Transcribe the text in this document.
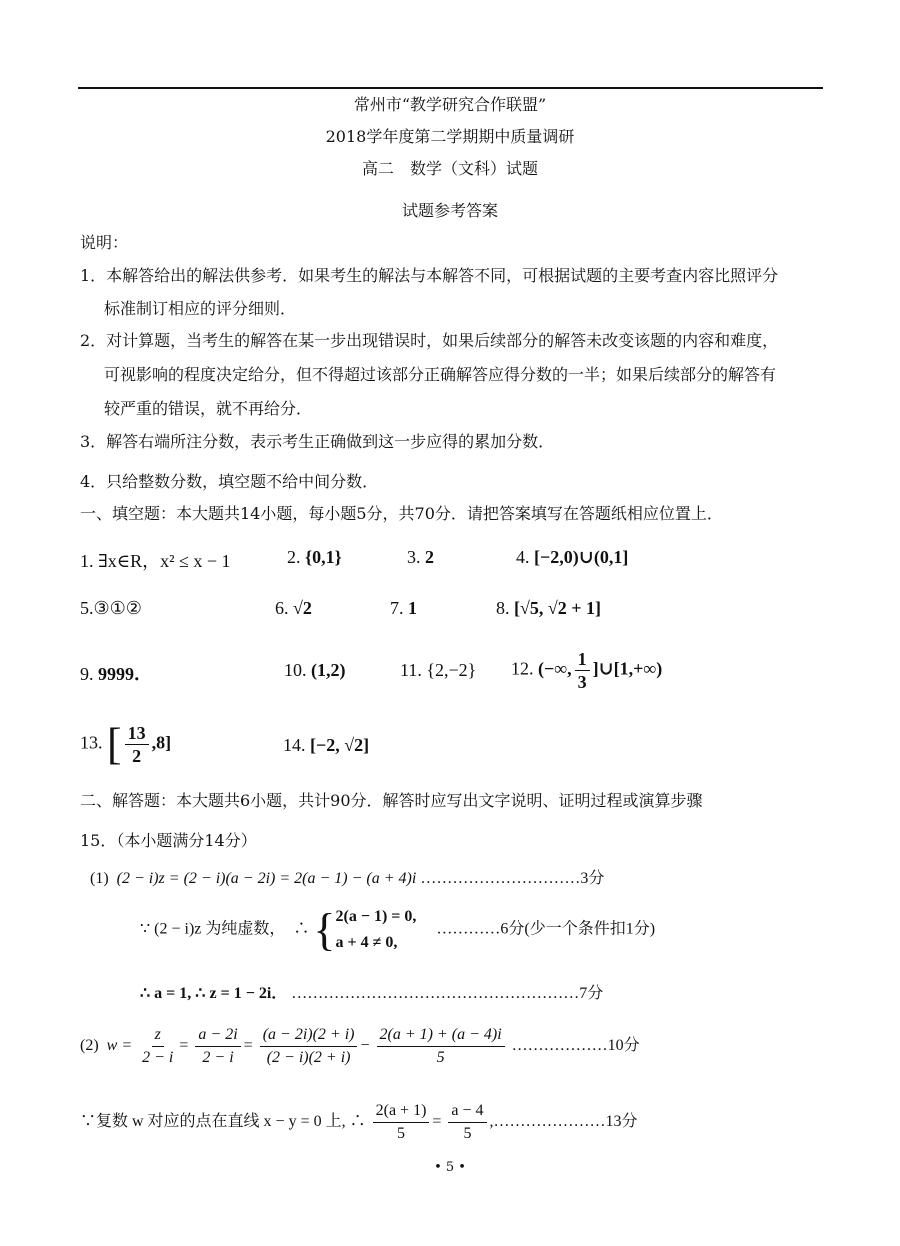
常州市“教学研究合作联盟”
2018学年度第二学期期中质量调研
高二　数学（文科）试题
试题参考答案
说明：
1．本解答给出的解法供参考．如果考生的解法与本解答不同，可根据试题的主要考查内容比照评分
标准制订相应的评分细则．
2．对计算题，当考生的解答在某一步出现错误时，如果后续部分的解答未改变该题的内容和难度，
可视影响的程度决定给分，但不得超过该部分正确解答应得分数的一半；如果后续部分的解答有
较严重的错误，就不再给分．
3．解答右端所注分数，表示考生正确做到这一步应得的累加分数．
4．只给整数分数，填空题不给中间分数．
一、填空题：本大题共14小题，每小题5分，共70分．请把答案填写在答题纸相应位置上．
1. ∃x∈R，x² ≤ x − 1	2. {0,1}	3. 2	4. [−2,0)∪(0,1]
5.③①②	6. √2	7. 1	8. [√5, √2 + 1]
9. 9999．	10. (1,2)	11. {2,−2} 12. (−∞, $\frac{1}{3}$ ]∪[1,+∞)
13. [ $\frac{13}{2} ,8$]	14. [−2, √2]
二、解答题：本大题共6小题，共计90分．解答时应写出文字说明、证明过程或演算步骤
15．（本小题满分14分）
(1) (2 − i)z = (2 − i)(a − 2i) = 2(a − 1) − (a + 4)i …………………………3分
∵ (2 − i)z 为纯虚数，　∴ { 2(a − 1) = 0,
a + 4 ≠ 0,
…………6分(少一个条件扣1分)
∴ a = 1, ∴ z = 1 − 2i． ………………………………………………7分
(2) $w = \frac{z}{2 - i} = \frac{a - 2i}{2 - i} = \frac{(a - 2i)(2 + i)}{(2 - i)(2 + i)} - \frac{2(a + 1) + (a - 4)i}{5}$ ………………10分
∵复数 w 对应的点在直线 x − y = 0 上, ∴ $\frac{2(a + 1)}{5} = \frac{a - 4}{5}$ ,…………………13分
• 5 •
